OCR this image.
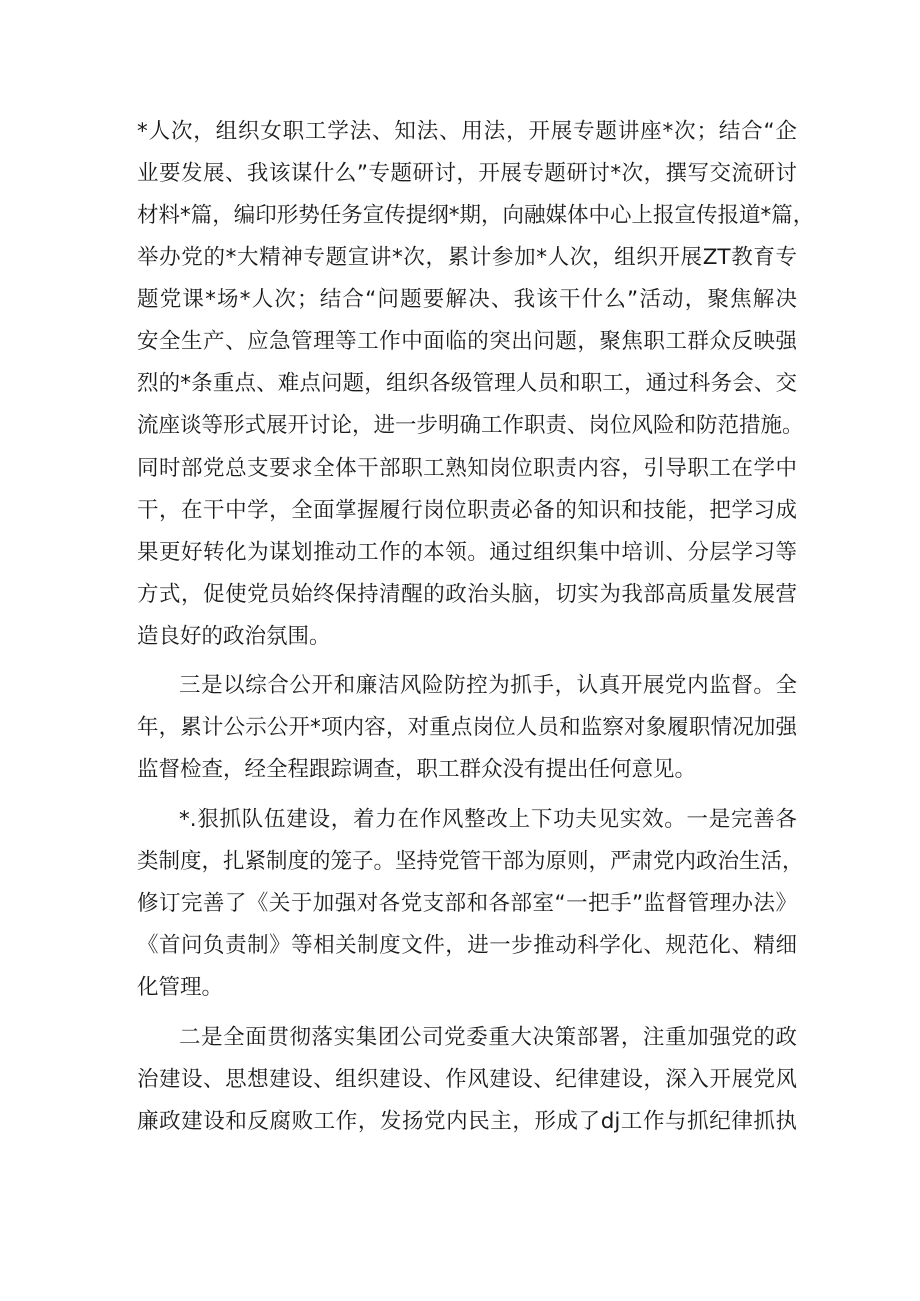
*人次，组织女职工学法、知法、用法，开展专题讲座*次；结合“企
业要发展、我该谋什么”专题研讨，开展专题研讨*次，撰写交流研讨
材料*篇，编印形势任务宣传提纲*期，向融媒体中心上报宣传报道*篇，
举办党的*大精神专题宣讲*次，累计参加*人次，组织开展ZT教育专
题党课*场*人次；结合“问题要解决、我该干什么”活动，聚焦解决
安全生产、应急管理等工作中面临的突出问题，聚焦职工群众反映强
烈的*条重点、难点问题，组织各级管理人员和职工，通过科务会、交
流座谈等形式展开讨论，进一步明确工作职责、岗位风险和防范措施。
同时部党总支要求全体干部职工熟知岗位职责内容，引导职工在学中
干，在干中学，全面掌握履行岗位职责必备的知识和技能，把学习成
果更好转化为谋划推动工作的本领。通过组织集中培训、分层学习等
方式，促使党员始终保持清醒的政治头脑，切实为我部高质量发展营
造良好的政治氛围。
三是以综合公开和廉洁风险防控为抓手，认真开展党内监督。全
年，累计公示公开*项内容，对重点岗位人员和监察对象履职情况加强
监督检查，经全程跟踪调查，职工群众没有提出任何意见。
*.狠抓队伍建设，着力在作风整改上下功夫见实效。一是完善各
类制度，扎紧制度的笼子。坚持党管干部为原则，严肃党内政治生活，
修订完善了《关于加强对各党支部和各部室“一把手”监督管理办法》
《首问负责制》等相关制度文件，进一步推动科学化、规范化、精细
化管理。
二是全面贯彻落实集团公司党委重大决策部署，注重加强党的政
治建设、思想建设、组织建设、作风建设、纪律建设，深入开展党风
廉政建设和反腐败工作，发扬党内民主，形成了dj工作与抓纪律抓执
